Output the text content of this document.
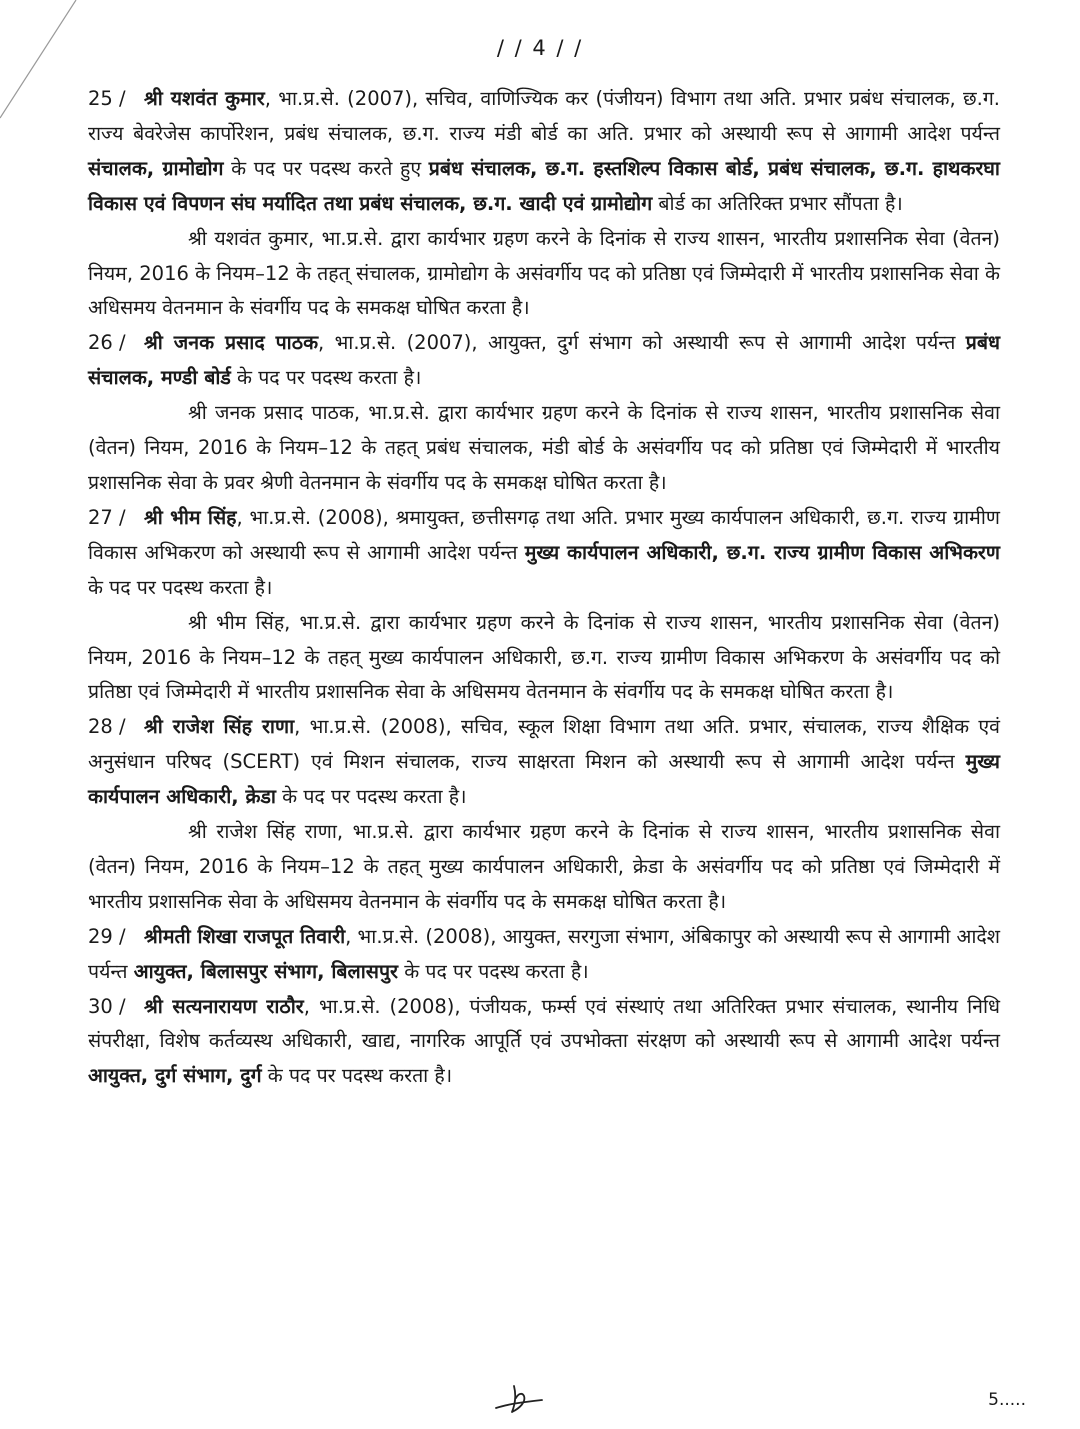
/ / 4 / /

25 / श्री यशवंत कुमार, भा.प्र.से. (2007), सचिव, वाणिज्यिक कर (पंजीयन) विभाग तथा अति. प्रभार प्रबंध संचालक, छ.ग. राज्य बेवरेजेस कार्पोरेशन, प्रबंध संचालक, छ.ग. राज्य मंडी बोर्ड का अति. प्रभार को अस्थायी रूप से आगामी आदेश पर्यन्त संचालक, ग्रामोद्योग के पद पर पदस्थ करते हुए प्रबंध संचालक, छ.ग. हस्तशिल्प विकास बोर्ड, प्रबंध संचालक, छ.ग. हाथकरघा विकास एवं विपणन संघ मर्यादित तथा प्रबंध संचालक, छ.ग. खादी एवं ग्रामोद्योग बोर्ड का अतिरिक्त प्रभार सौंपता है।

श्री यशवंत कुमार, भा.प्र.से. द्वारा कार्यभार ग्रहण करने के दिनांक से राज्य शासन, भारतीय प्रशासनिक सेवा (वेतन) नियम, 2016 के नियम–12 के तहत् संचालक, ग्रामोद्योग के असंवर्गीय पद को प्रतिष्ठा एवं जिम्मेदारी में भारतीय प्रशासनिक सेवा के अधिसमय वेतनमान के संवर्गीय पद के समकक्ष घोषित करता है।

26 / श्री जनक प्रसाद पाठक, भा.प्र.से. (2007), आयुक्त, दुर्ग संभाग को अस्थायी रूप से आगामी आदेश पर्यन्त प्रबंध संचालक, मण्डी बोर्ड के पद पर पदस्थ करता है।

श्री जनक प्रसाद पाठक, भा.प्र.से. द्वारा कार्यभार ग्रहण करने के दिनांक से राज्य शासन, भारतीय प्रशासनिक सेवा (वेतन) नियम, 2016 के नियम–12 के तहत् प्रबंध संचालक, मंडी बोर्ड के असंवर्गीय पद को प्रतिष्ठा एवं जिम्मेदारी में भारतीय प्रशासनिक सेवा के प्रवर श्रेणी वेतनमान के संवर्गीय पद के समकक्ष घोषित करता है।

27 / श्री भीम सिंह, भा.प्र.से. (2008), श्रमायुक्त, छत्तीसगढ़ तथा अति. प्रभार मुख्य कार्यपालन अधिकारी, छ.ग. राज्य ग्रामीण विकास अभिकरण को अस्थायी रूप से आगामी आदेश पर्यन्त मुख्य कार्यपालन अधिकारी, छ.ग. राज्य ग्रामीण विकास अभिकरण के पद पर पदस्थ करता है।

श्री भीम सिंह, भा.प्र.से. द्वारा कार्यभार ग्रहण करने के दिनांक से राज्य शासन, भारतीय प्रशासनिक सेवा (वेतन) नियम, 2016 के नियम–12 के तहत् मुख्य कार्यपालन अधिकारी, छ.ग. राज्य ग्रामीण विकास अभिकरण के असंवर्गीय पद को प्रतिष्ठा एवं जिम्मेदारी में भारतीय प्रशासनिक सेवा के अधिसमय वेतनमान के संवर्गीय पद के समकक्ष घोषित करता है।

28 / श्री राजेश सिंह राणा, भा.प्र.से. (2008), सचिव, स्कूल शिक्षा विभाग तथा अति. प्रभार, संचालक, राज्य शैक्षिक एवं अनुसंधान परिषद (SCERT) एवं मिशन संचालक, राज्य साक्षरता मिशन को अस्थायी रूप से आगामी आदेश पर्यन्त मुख्य कार्यपालन अधिकारी, क्रेडा के पद पर पदस्थ करता है।

श्री राजेश सिंह राणा, भा.प्र.से. द्वारा कार्यभार ग्रहण करने के दिनांक से राज्य शासन, भारतीय प्रशासनिक सेवा (वेतन) नियम, 2016 के नियम–12 के तहत् मुख्य कार्यपालन अधिकारी, क्रेडा के असंवर्गीय पद को प्रतिष्ठा एवं जिम्मेदारी में भारतीय प्रशासनिक सेवा के अधिसमय वेतनमान के संवर्गीय पद के समकक्ष घोषित करता है।

29 / श्रीमती शिखा राजपूत तिवारी, भा.प्र.से. (2008), आयुक्त, सरगुजा संभाग, अंबिकापुर को अस्थायी रूप से आगामी आदेश पर्यन्त आयुक्त, बिलासपुर संभाग, बिलासपुर के पद पर पदस्थ करता है।

30 / श्री सत्यनारायण राठौर, भा.प्र.से. (2008), पंजीयक, फर्म्स एवं संस्थाएं तथा अतिरिक्त प्रभार संचालक, स्थानीय निधि संपरीक्षा, विशेष कर्तव्यस्थ अधिकारी, खाद्य, नागरिक आपूर्ति एवं उपभोक्ता संरक्षण को अस्थायी रूप से आगामी आदेश पर्यन्त आयुक्त, दुर्ग संभाग, दुर्ग के पद पर पदस्थ करता है।

5.....
